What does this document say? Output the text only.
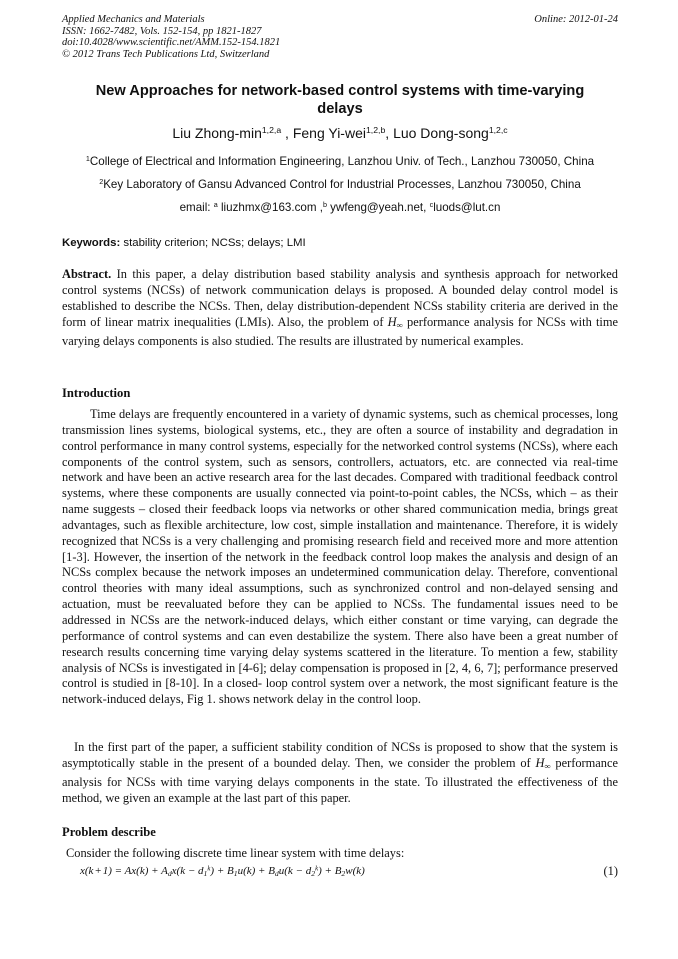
Applied Mechanics and Materials
ISSN: 1662-7482, Vols. 152-154, pp 1821-1827
doi:10.4028/www.scientific.net/AMM.152-154.1821
© 2012 Trans Tech Publications Ltd, Switzerland
Online: 2012-01-24
New Approaches for network-based control systems with time-varying
delays
Liu Zhong-$\min^{1,2,a}$ , Feng Yi-wei$^{1,2,b}$, Luo Dong-song$^{1,2,c}$
$^1$College of Electrical and Information Engineering, Lanzhou Univ. of Tech., Lanzhou 730050, China
$^2$Key Laboratory of Gansu Advanced Control for Industrial Processes, Lanzhou 730050, China
email: $^a$ liuzhmx@163.com ,$^b$ ywfeng@yeah.net, $^c$luods@lut.cn
Keywords: stability criterion; NCSs; delays; LMI
Abstract. In this paper, a delay distribution based stability analysis and synthesis approach for networked control systems (NCSs) of network communication delays is proposed. A bounded delay control model is established to describe the NCSs. Then, delay distribution-dependent NCSs stability criteria are derived in the form of linear matrix inequalities (LMIs). Also, the problem of $H_\infty$ performance analysis for NCSs with time varying delays components is also studied. The results are illustrated by numerical examples.
Introduction
Time delays are frequently encountered in a variety of dynamic systems, such as chemical processes, long transmission lines systems, biological systems, etc., they are often a source of instability and degradation in control performance in many control systems, especially for the networked control systems (NCSs), where each components of the control system, such as sensors, controllers, actuators, etc. are connected via real-time network and have been an active research area for the last decades. Compared with traditional feedback control systems, where these components are usually connected via point-to-point cables, the NCSs, which – as their name suggests – closed their feedback loops via networks or other shared communication media, brings great advantages, such as flexible architecture, low cost, simple installation and maintenance. Therefore, it is widely recognized that NCSs is a very challenging and promising research field and received more and more attention [1-3]. However, the insertion of the network in the feedback control loop makes the analysis and design of an NCSs complex because the network imposes an undetermined communication delay. Therefore, conventional control theories with many ideal assumptions, such as synchronized control and non-delayed sensing and actuation, must be reevaluated before they can be applied to NCSs. The fundamental issues need to be addressed in NCSs are the network-induced delays, which either constant or time varying, can degrade the performance of control systems and can even destabilize the system. There also have been a great number of research results concerning time varying delay systems scattered in the literature. To mention a few, stability analysis of NCSs is investigated in [4-6]; delay compensation is proposed in [2, 4, 6, 7]; performance preserved control is studied in [8-10]. In a closed- loop control system over a network, the most significant feature is the network-induced delays, Fig 1. shows network delay in the control loop.
In the first part of the paper, a sufficient stability condition of NCSs is proposed to show that the system is asymptotically stable in the present of a bounded delay. Then, we consider the problem of $H_\infty$ performance analysis for NCSs with time varying delays components in the state. To illustrated the effectiveness of the method, we given an example at the last part of this paper.
Problem describe
Consider the following discrete time linear system with time delays:
x(k + $1) = Ax(k) + A_dx(k - d_1^k) + B_1u(k) + B_du(k - d_2^k) + B_2w(k)$	(1)
